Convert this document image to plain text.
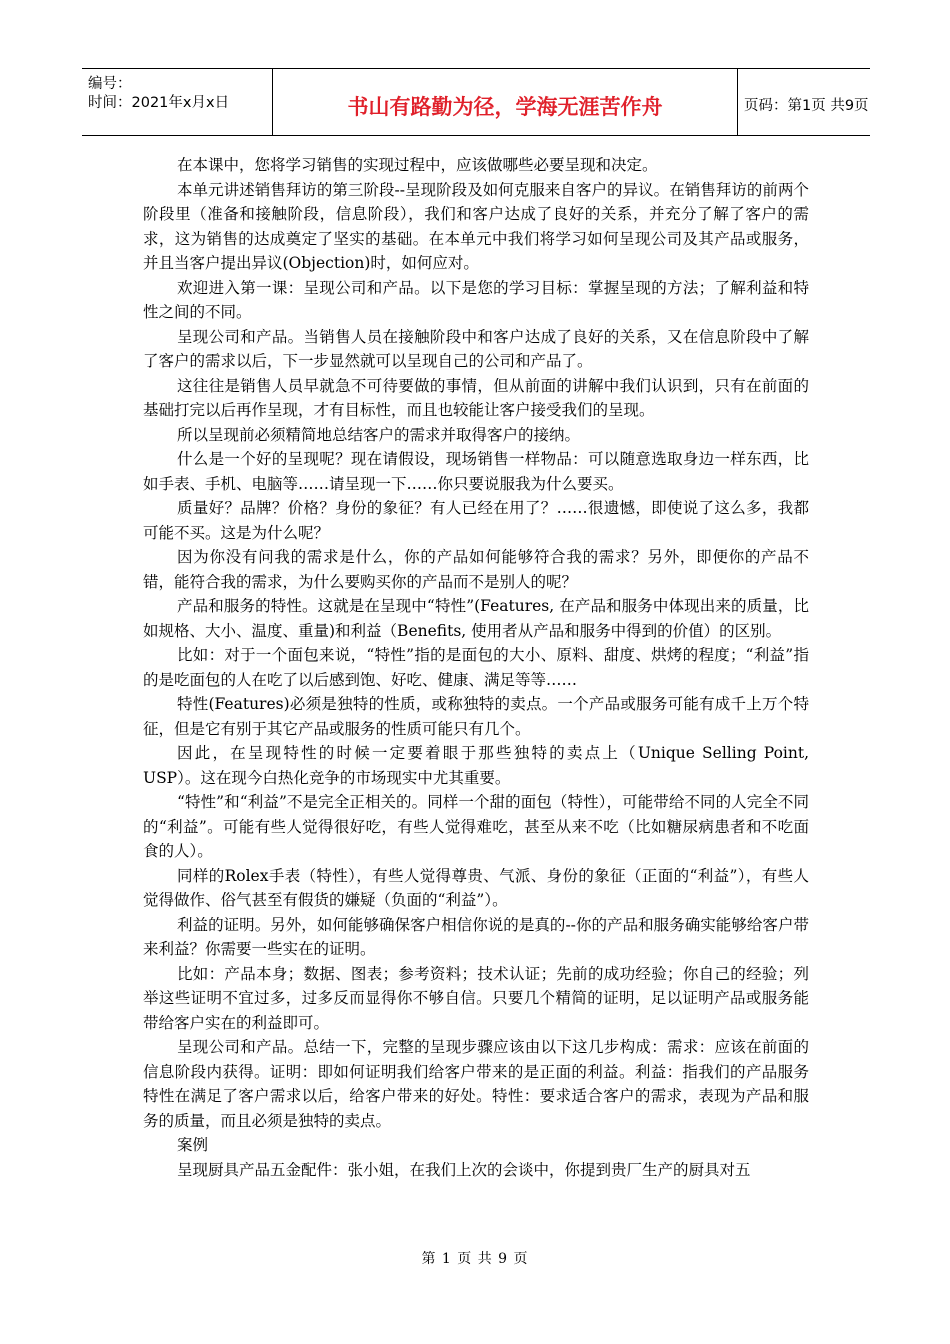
编号：
时间：2021年x月x日	书山有路勤为径，学海无涯苦作舟	页码：第1页 共9页

在本课中，您将学习销售的实现过程中，应该做哪些必要呈现和决定。

本单元讲述销售拜访的第三阶段--呈现阶段及如何克服来自客户的异议。在销售拜访的前两个阶段里（准备和接触阶段，信息阶段），我们和客户达成了良好的关系，并充分了解了客户的需求，这为销售的达成奠定了坚实的基础。在本单元中我们将学习如何呈现公司及其产品或服务，并且当客户提出异议(Objection)时，如何应对。

欢迎进入第一课：呈现公司和产品。以下是您的学习目标：掌握呈现的方法；了解利益和特性之间的不同。

呈现公司和产品。当销售人员在接触阶段中和客户达成了良好的关系，又在信息阶段中了解了客户的需求以后，下一步显然就可以呈现自己的公司和产品了。

这往往是销售人员早就急不可待要做的事情，但从前面的讲解中我们认识到，只有在前面的基础打完以后再作呈现，才有目标性，而且也较能让客户接受我们的呈现。

所以呈现前必须精简地总结客户的需求并取得客户的接纳。

什么是一个好的呈现呢？现在请假设，现场销售一样物品：可以随意选取身边一样东西，比如手表、手机、电脑等……请呈现一下……你只要说服我为什么要买。

质量好？品牌？价格？身份的象征？有人已经在用了？……很遗憾，即使说了这么多，我都可能不买。这是为什么呢？

因为你没有问我的需求是什么，你的产品如何能够符合我的需求？另外，即便你的产品不错，能符合我的需求，为什么要购买你的产品而不是别人的呢？

产品和服务的特性。这就是在呈现中“特性”(Features, 在产品和服务中体现出来的质量，比如规格、大小、温度、重量)和利益（Benefits, 使用者从产品和服务中得到的价值）的区别。

比如：对于一个面包来说，“特性”指的是面包的大小、原料、甜度、烘烤的程度；“利益”指的是吃面包的人在吃了以后感到饱、好吃、健康、满足等等……

特性(Features)必须是独特的性质，或称独特的卖点。一个产品或服务可能有成千上万个特征，但是它有别于其它产品或服务的性质可能只有几个。

因此，在呈现特性的时候一定要着眼于那些独特的卖点上（Unique Selling Point, USP）。这在现今白热化竞争的市场现实中尤其重要。

“特性”和“利益”不是完全正相关的。同样一个甜的面包（特性），可能带给不同的人完全不同的“利益”。可能有些人觉得很好吃，有些人觉得难吃，甚至从来不吃（比如糖尿病患者和不吃面食的人）。

同样的Rolex手表（特性），有些人觉得尊贵、气派、身份的象征（正面的“利益”），有些人觉得做作、俗气甚至有假货的嫌疑（负面的“利益”）。

利益的证明。另外，如何能够确保客户相信你说的是真的--你的产品和服务确实能够给客户带来利益？你需要一些实在的证明。

比如：产品本身；数据、图表；参考资料；技术认证；先前的成功经验；你自己的经验；列举这些证明不宜过多，过多反而显得你不够自信。只要几个精简的证明，足以证明产品或服务能带给客户实在的利益即可。

呈现公司和产品。总结一下，完整的呈现步骤应该由以下这几步构成：需求：应该在前面的信息阶段内获得。证明：即如何证明我们给客户带来的是正面的利益。利益：指我们的产品服务特性在满足了客户需求以后，给客户带来的好处。特性：要求适合客户的需求，表现为产品和服务的质量，而且必须是独特的卖点。

案例

呈现厨具产品五金配件：张小姐，在我们上次的会谈中，你提到贵厂生产的厨具对五

第 1 页 共 9 页
